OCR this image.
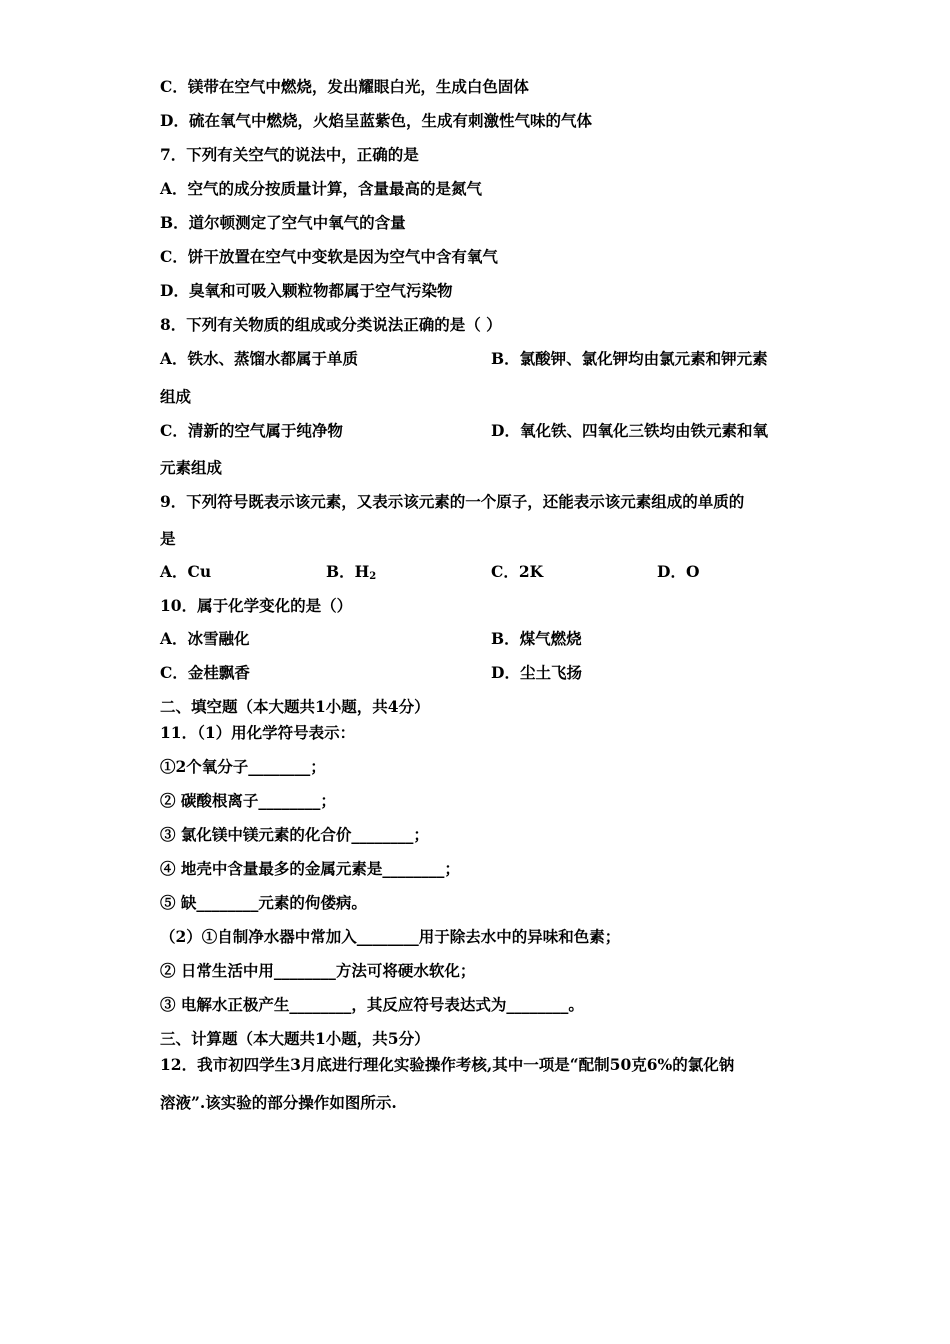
C．镁带在空气中燃烧，发出耀眼白光，生成白色固体
D．硫在氧气中燃烧，火焰呈蓝紫色，生成有刺激性气味的气体
7．下列有关空气的说法中，正确的是
A．空气的成分按质量计算，含量最高的是氮气
B．道尔顿测定了空气中氧气的含量
C．饼干放置在空气中变软是因为空气中含有氧气
D．臭氧和可吸入颗粒物都属于空气污染物
8．下列有关物质的组成或分类说法正确的是（ ）
A．铁水、蒸馏水都属于单质	B．氯酸钾、氯化钾均由氯元素和钾元素
组成
C．清新的空气属于纯净物	D．氧化铁、四氧化三铁均由铁元素和氧
元素组成
9．下列符号既表示该元素，又表示该元素的一个原子，还能表示该元素组成的单质的
是
A．Cu	B．$H_2$	C．2K	D．O
10．属于化学变化的是（）
A．冰雪融化	B．煤气燃烧
C．金桂飘香	D．尘土飞扬
二、填空题（本大题共1小题，共4分）
11．（1）用化学符号表示：
①2个氧分子________；
② 碳酸根离子________；
③ 氯化镁中镁元素的化合价________；
④ 地壳中含量最多的金属元素是________；
⑤ 缺________元素的佝偻病。
（2）①自制净水器中常加入________用于除去水中的异味和色素；
② 日常生活中用________方法可将硬水软化；
③ 电解水正极产生________，其反应符号表达式为________。
三、计算题（本大题共1小题，共5分）
12．我市初四学生3月底进行理化实验操作考核,其中一项是“配制50克6%的氯化钠
溶液”.该实验的部分操作如图所示.
